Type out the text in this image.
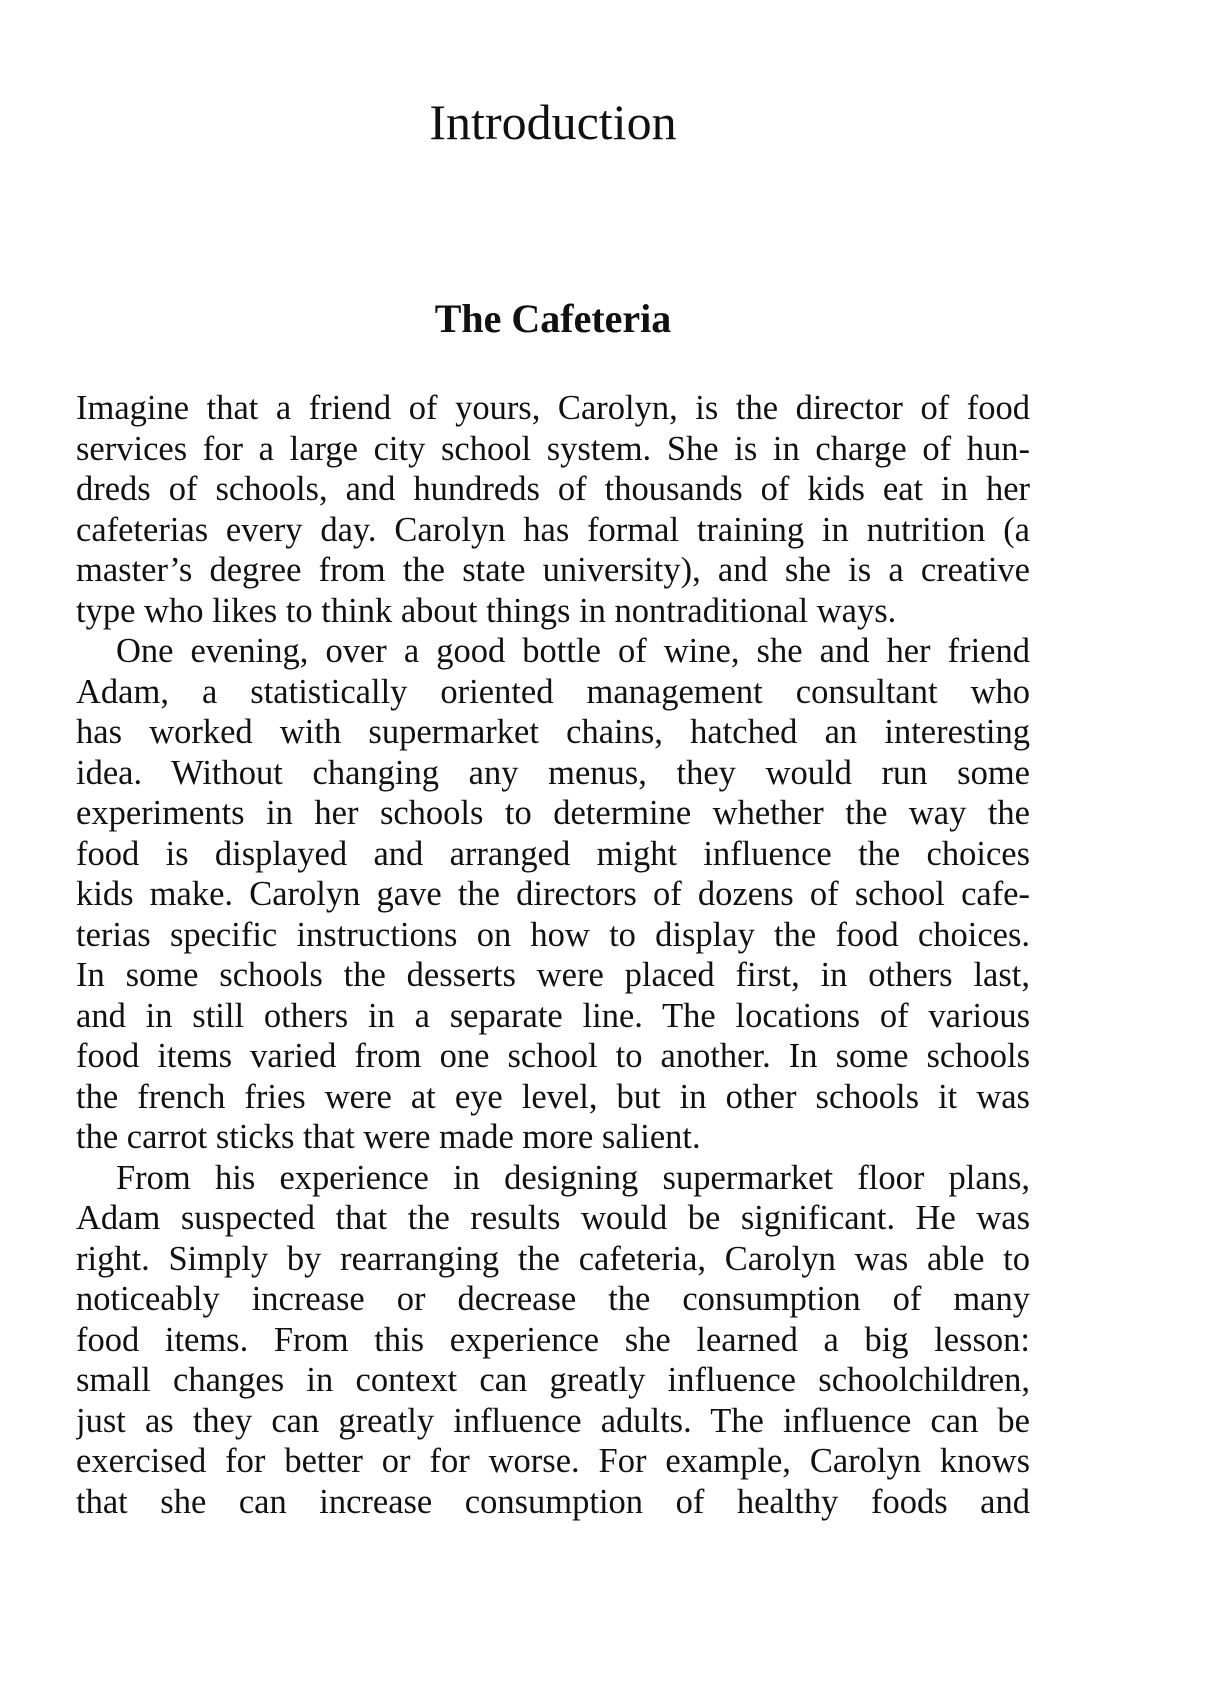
Introduction
The Cafeteria
Imagine that a friend of yours, Carolyn, is the director of food
services for a large city school system. She is in charge of hun-
dreds of schools, and hundreds of thousands of kids eat in her
cafeterias every day. Carolyn has formal training in nutrition (a
master’s degree from the state university), and she is a creative
type who likes to think about things in nontraditional ways.
One evening, over a good bottle of wine, she and her friend
Adam, a statistically oriented management consultant who
has worked with supermarket chains, hatched an interesting
idea. Without changing any menus, they would run some
experiments in her schools to determine whether the way the
food is displayed and arranged might influence the choices
kids make. Carolyn gave the directors of dozens of school cafe-
terias specific instructions on how to display the food choices.
In some schools the desserts were placed first, in others last,
and in still others in a separate line. The locations of various
food items varied from one school to another. In some schools
the french fries were at eye level, but in other schools it was
the carrot sticks that were made more salient.
From his experience in designing supermarket floor plans,
Adam suspected that the results would be significant. He was
right. Simply by rearranging the cafeteria, Carolyn was able to
noticeably increase or decrease the consumption of many
food items. From this experience she learned a big lesson:
small changes in context can greatly influence schoolchildren,
just as they can greatly influence adults. The influence can be
exercised for better or for worse. For example, Carolyn knows
that she can increase consumption of healthy foods and
